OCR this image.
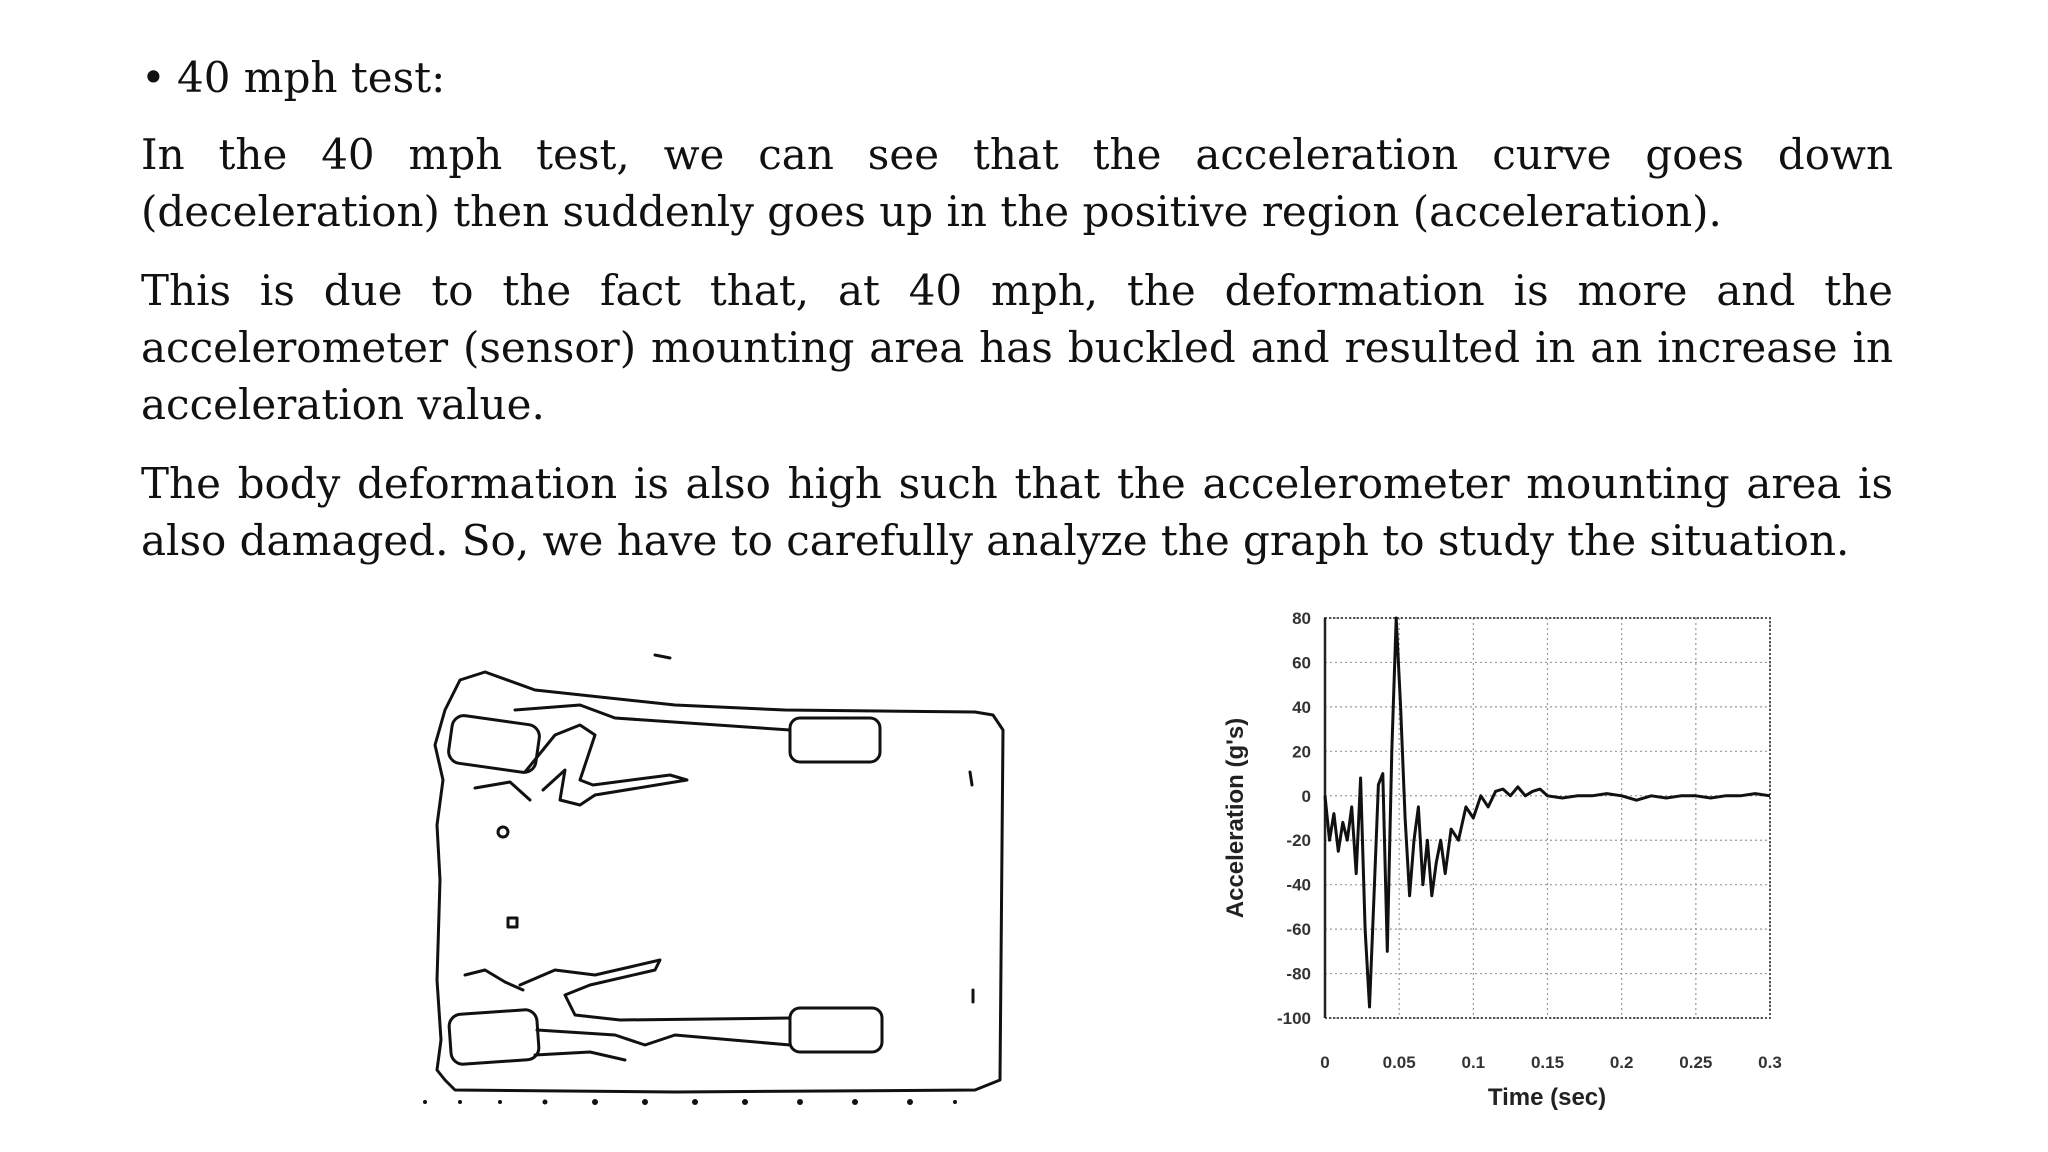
• 40 mph test:

In the 40 mph test, we can see that the acceleration curve goes down (deceleration) then suddenly goes up in the positive region (acceleration).

This is due to the fact that, at 40 mph, the deformation is more and the accelerometer (sensor) mounting area has buckled and resulted in an increase in acceleration value.

The body deformation is also high such that the accelerometer mounting area is also damaged. So, we have to carefully analyze the graph to study the situation.

80
60
40
20
0
-20
-40
-60
-80
-100
0	0.05	0.1	0.15	0.2	0.25	0.3
Time (sec)
Acceleration (g's)
